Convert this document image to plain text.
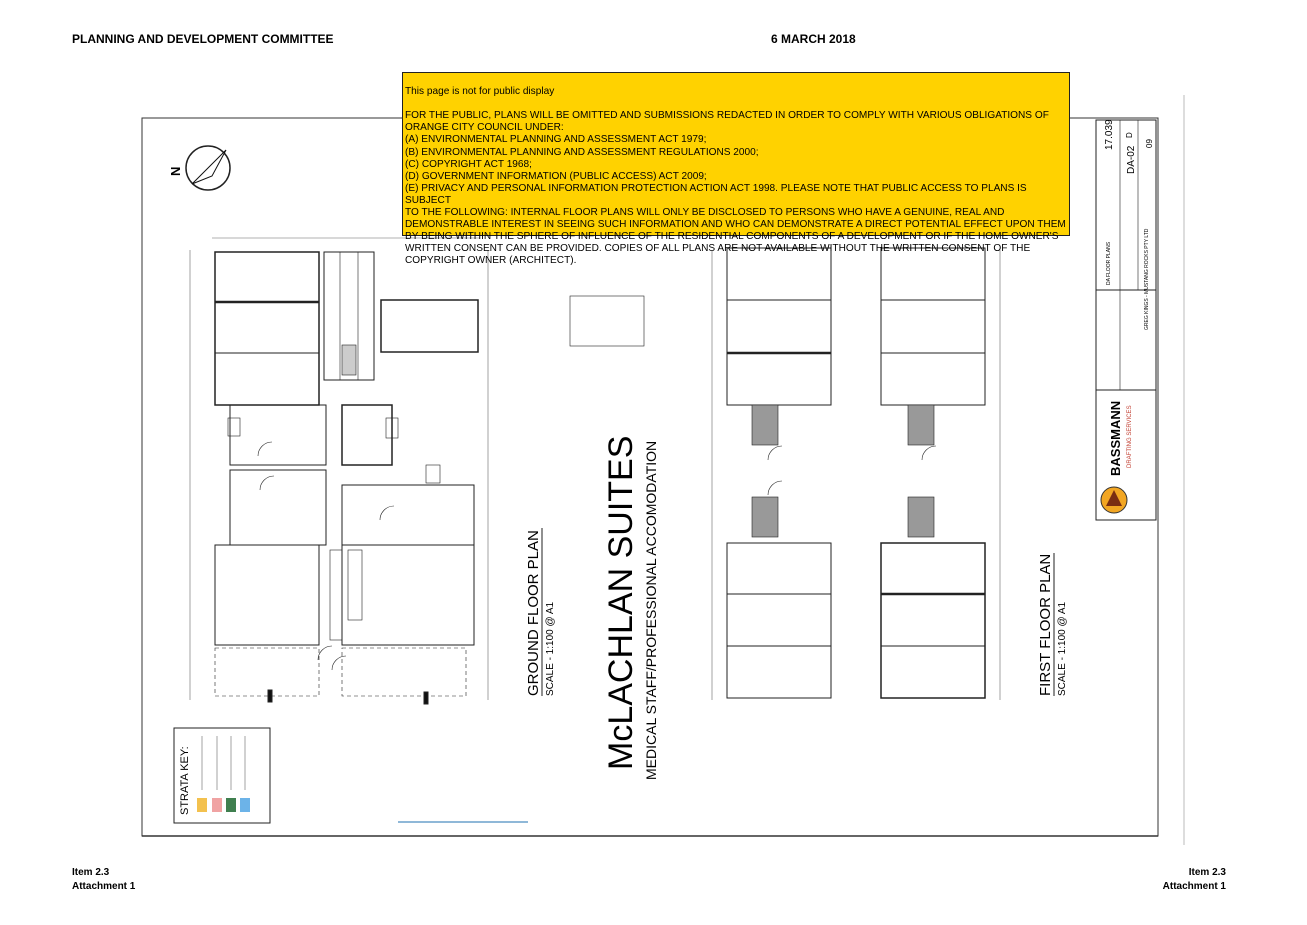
PLANNING AND DEVELOPMENT COMMITTEE	6 MARCH 2018
N
McLACHLAN SUITES MEDICAL STAFF/PROFESSIONAL ACCOMODATION
GROUND FLOOR PLAN SCALE - 1:100 @ A1	FIRST FLOOR PLAN SCALE - 1:100 @ A1
STRATA KEY:
BASSMANN DRAFTING SERVICES
17.039
DA-02
D
09
DA FLOOR PLANS	GREG KINGS - MUSTANG ROCKS PTY LTD

This page is not for public display

FOR THE PUBLIC, PLANS WILL BE OMITTED AND SUBMISSIONS REDACTED IN ORDER TO COMPLY WITH VARIOUS OBLIGATIONS OF
ORANGE CITY COUNCIL UNDER:
(A) ENVIRONMENTAL PLANNING AND ASSESSMENT ACT 1979;
(B) ENVIRONMENTAL PLANNING AND ASSESSMENT REGULATIONS 2000;
(C) COPYRIGHT ACT 1968;
(D) GOVERNMENT INFORMATION (PUBLIC ACCESS) ACT 2009;
(E) PRIVACY AND PERSONAL INFORMATION PROTECTION ACTION ACT 1998. PLEASE NOTE THAT PUBLIC ACCESS TO PLANS IS SUBJECT
TO THE FOLLOWING: INTERNAL FLOOR PLANS WILL ONLY BE DISCLOSED TO PERSONS WHO HAVE A GENUINE, REAL AND
DEMONSTRABLE INTEREST IN SEEING SUCH INFORMATION AND WHO CAN DEMONSTRATE A DIRECT POTENTIAL EFFECT UPON THEM
BY BEING WITHIN THE SPHERE OF INFLUENCE OF THE RESIDENTIAL COMPONENTS OF A DEVELOPMENT OR IF THE HOME OWNER'S
WRITTEN CONSENT CAN BE PROVIDED. COPIES OF ALL PLANS ARE NOT AVAILABLE WITHOUT THE WRITTEN CONSENT OF THE
COPYRIGHT OWNER (ARCHITECT).

Item 2.3
Attachment 1
Item 2.3
Attachment 1
